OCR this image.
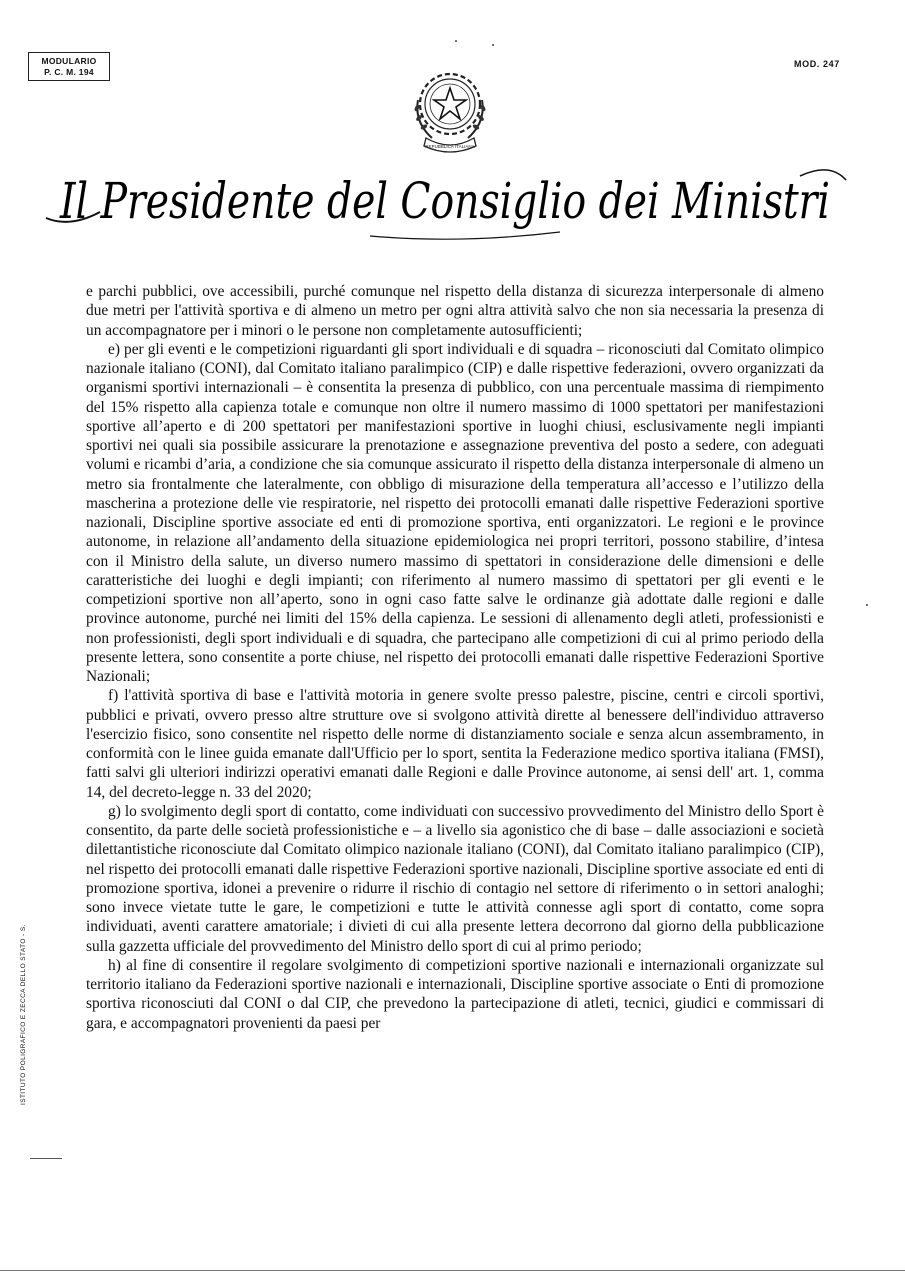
MODULARIO
P. C. M. 194
MOD. 247
REPUBBLICA ITALIANA
Il Presidente del Consiglio dei Ministri

e parchi pubblici, ove accessibili, purché comunque nel rispetto della distanza di sicurezza interpersonale di almeno due metri per l'attività sportiva e di almeno un metro per ogni altra attività salvo che non sia necessaria la presenza di un accompagnatore per i minori o le persone non completamente autosufficienti;

e) per gli eventi e le competizioni riguardanti gli sport individuali e di squadra – riconosciuti dal Comitato olimpico nazionale italiano (CONI), dal Comitato italiano paralimpico (CIP) e dalle rispettive federazioni, ovvero organizzati da organismi sportivi internazionali – è consentita la presenza di pubblico, con una percentuale massima di riempimento del 15% rispetto alla capienza totale e comunque non oltre il numero massimo di 1000 spettatori per manifestazioni sportive all’aperto e di 200 spettatori per manifestazioni sportive in luoghi chiusi, esclusivamente negli impianti sportivi nei quali sia possibile assicurare la prenotazione e assegnazione preventiva del posto a sedere, con adeguati volumi e ricambi d’aria, a condizione che sia comunque assicurato il rispetto della distanza interpersonale di almeno un metro sia frontalmente che lateralmente, con obbligo di misurazione della temperatura all’accesso e l’utilizzo della mascherina a protezione delle vie respiratorie, nel rispetto dei protocolli emanati dalle rispettive Federazioni sportive nazionali, Discipline sportive associate ed enti di promozione sportiva, enti organizzatori. Le regioni e le province autonome, in relazione all’andamento della situazione epidemiologica nei propri territori, possono stabilire, d’intesa con il Ministro della salute, un diverso numero massimo di spettatori in considerazione delle dimensioni e delle caratteristiche dei luoghi e degli impianti; con riferimento al numero massimo di spettatori per gli eventi e le competizioni sportive non all’aperto, sono in ogni caso fatte salve le ordinanze già adottate dalle regioni e dalle province autonome, purché nei limiti del 15% della capienza. Le sessioni di allenamento degli atleti, professionisti e non professionisti, degli sport individuali e di squadra, che partecipano alle competizioni di cui al primo periodo della presente lettera, sono consentite a porte chiuse, nel rispetto dei protocolli emanati dalle rispettive Federazioni Sportive Nazionali;

f) l'attività sportiva di base e l'attività motoria in genere svolte presso palestre, piscine, centri e circoli sportivi, pubblici e privati, ovvero presso altre strutture ove si svolgono attività dirette al benessere dell'individuo attraverso l'esercizio fisico, sono consentite nel rispetto delle norme di distanziamento sociale e senza alcun assembramento, in conformità con le linee guida emanate dall'Ufficio per lo sport, sentita la Federazione medico sportiva italiana (FMSI), fatti salvi gli ulteriori indirizzi operativi emanati dalle Regioni e dalle Province autonome, ai sensi dell' art. 1, comma 14, del decreto-legge n. 33 del 2020;

g) lo svolgimento degli sport di contatto, come individuati con successivo provvedimento del Ministro dello Sport è consentito, da parte delle società professionistiche e – a livello sia agonistico che di base – dalle associazioni e società dilettantistiche riconosciute dal Comitato olimpico nazionale italiano (CONI), dal Comitato italiano paralimpico (CIP), nel rispetto dei protocolli emanati dalle rispettive Federazioni sportive nazionali, Discipline sportive associate ed enti di promozione sportiva, idonei a prevenire o ridurre il rischio di contagio nel settore di riferimento o in settori analoghi; sono invece vietate tutte le gare, le competizioni e tutte le attività connesse agli sport di contatto, come sopra individuati, aventi carattere amatoriale; i divieti di cui alla presente lettera decorrono dal giorno della pubblicazione sulla gazzetta ufficiale del provvedimento del Ministro dello sport di cui al primo periodo;

h) al fine di consentire il regolare svolgimento di competizioni sportive nazionali e internazionali organizzate sul territorio italiano da Federazioni sportive nazionali e internazionali, Discipline sportive associate o Enti di promozione sportiva riconosciuti dal CONI o dal CIP, che prevedono la partecipazione di atleti, tecnici, giudici e commissari di gara, e accompagnatori provenienti da paesi per

ISTITUTO POLIGRAFICO E ZECCA DELLO STATO - S.
